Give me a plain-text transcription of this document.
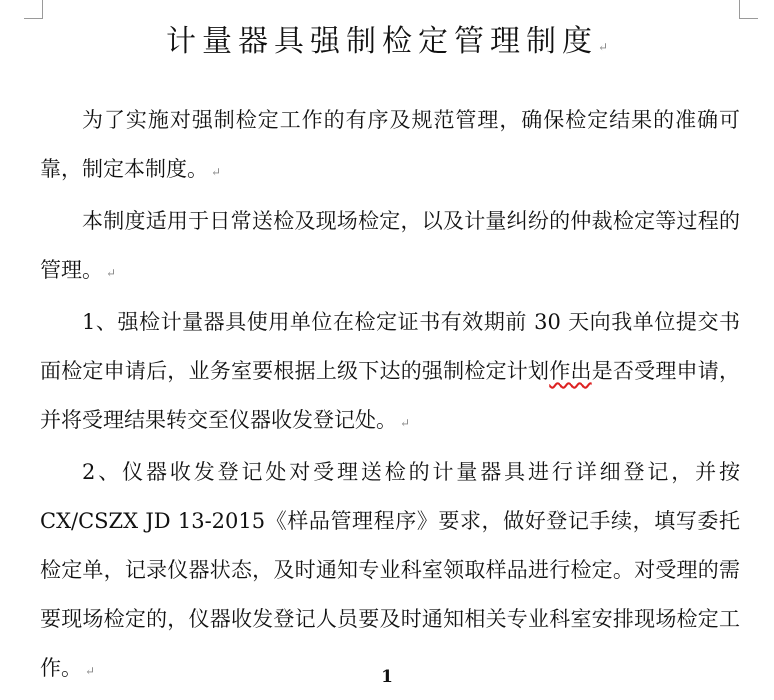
计量器具强制检定管理制度↵

为了实施对强制检定工作的有序及规范管理，确保检定结果的准确可靠，制定本制度。 ↵

本制度适用于日常送检及现场检定，以及计量纠纷的仲裁检定等过程的管理。 ↵

1、强检计量器具使用单位在检定证书有效期前 30 天向我单位提交书面检定申请后，业务室要根据上级下达的强制检定计划作出是否受理申请，并将受理结果转交至仪器收发登记处。 ↵

2、仪器收发登记处对受理送检的计量器具进行详细登记，并按CX/CSZX JD 13-2015《样品管理程序》要求，做好登记手续，填写委托检定单，记录仪器状态，及时通知专业科室领取样品进行检定。对受理的需要现场检定的，仪器收发登记人员要及时通知相关专业科室安排现场检定工作。 ↵	1
